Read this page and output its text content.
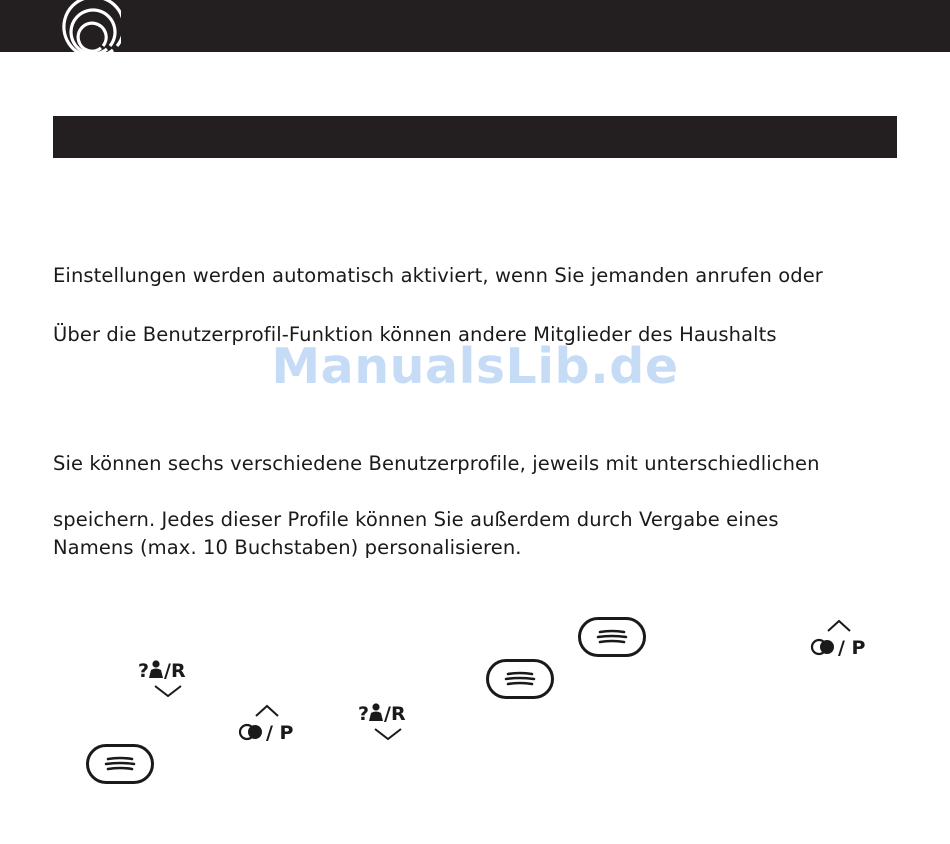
Einstellungen werden automatisch aktiviert, wenn Sie jemanden anrufen oder
Über die Benutzerprofil-Funktion können andere Mitglieder des Haushalts
Sie können sechs verschiedene Benutzerprofile, jeweils mit unterschiedlichen
speichern. Jedes dieser Profile können Sie außerdem durch Vergabe eines
Namens (max. 10 Buchstaben) personalisieren.
ManualsLib.de
/ P
/ P
? /R
? /R
